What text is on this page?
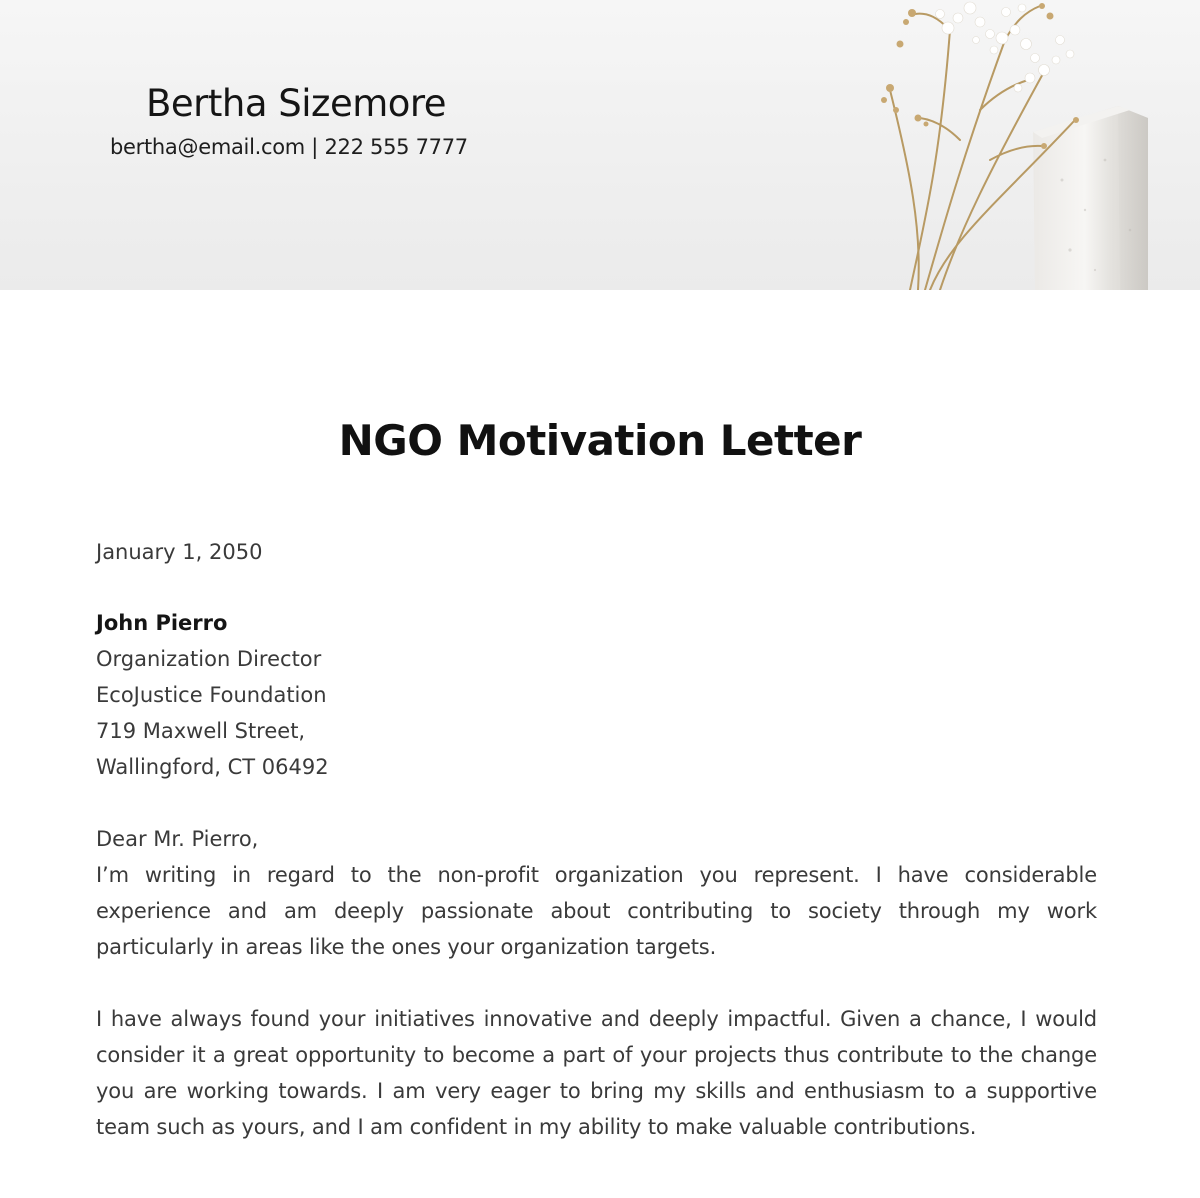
Bertha Sizemore
bertha@email.com | 222 555 7777
NGO Motivation Letter
January 1, 2050
John Pierro
Organization Director
EcoJustice Foundation
719 Maxwell Street,
Wallingford, CT 06492
Dear Mr. Pierro,
I’m writing in regard to the non-profit organization you represent. I have considerable experience and am deeply passionate about contributing to society through my work particularly in areas like the ones your organization targets.
I have always found your initiatives innovative and deeply impactful. Given a chance, I would consider it a great opportunity to become a part of your projects thus contribute to the change you are working towards. I am very eager to bring my skills and enthusiasm to a supportive team such as yours, and I am confident in my ability to make valuable contributions.
